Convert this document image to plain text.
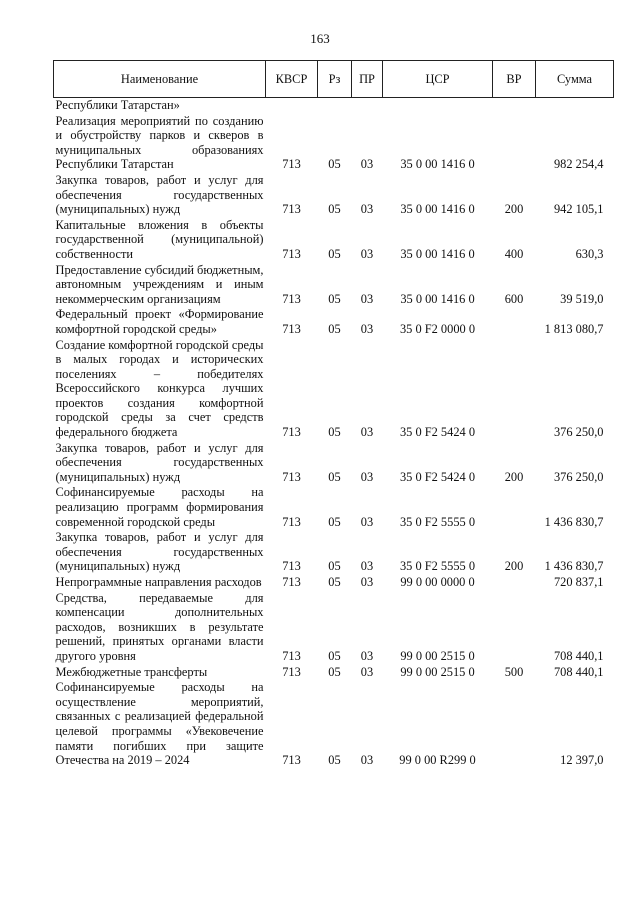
163
Наименование	КВСР	Рз	ПР	ЦСР	ВР	Сумма
Республики Татарстан»						
Реализация мероприятий по созданию и обустройству парков и скверов в муниципальных образованиях Республики Татарстан	713	05	03	35 0 00 1416 0		982 254,4
Закупка товаров, работ и услуг для обеспечения государственных (муниципальных) нужд	713	05	03	35 0 00 1416 0	200	942 105,1
Капитальные вложения в объекты государственной (муниципальной) собственности	713	05	03	35 0 00 1416 0	400	630,3
Предоставление субсидий бюджетным, автономным учреждениям и иным некоммерческим организациям	713	05	03	35 0 00 1416 0	600	39 519,0
Федеральный проект «Формирование комфортной городской среды»	713	05	03	35 0 F2 0000 0		1 813 080,7
Создание комфортной городской среды в малых городах и исторических поселениях – победителях Всероссийского конкурса лучших проектов создания комфортной городской среды за счет средств федерального бюджета	713	05	03	35 0 F2 5424 0		376 250,0
Закупка товаров, работ и услуг для обеспечения государственных (муниципальных) нужд	713	05	03	35 0 F2 5424 0	200	376 250,0
Софинансируемые расходы на реализацию программ формирования современной городской среды	713	05	03	35 0 F2 5555 0		1 436 830,7
Закупка товаров, работ и услуг для обеспечения государственных (муниципальных) нужд	713	05	03	35 0 F2 5555 0	200	1 436 830,7
Непрограммные направления расходов	713	05	03	99 0 00 0000 0		720 837,1
Средства, передаваемые для компенсации дополнительных расходов, возникших в результате решений, принятых органами власти другого уровня	713	05	03	99 0 00 2515 0		708 440,1
Межбюджетные трансферты	713	05	03	99 0 00 2515 0	500	708 440,1
Софинансируемые расходы на осуществление мероприятий, связанных с реализацией федеральной целевой программы «Увековечение памяти погибших при защите Отечества на 2019 – 2024	713	05	03	99 0 00 R299 0		12 397,0
